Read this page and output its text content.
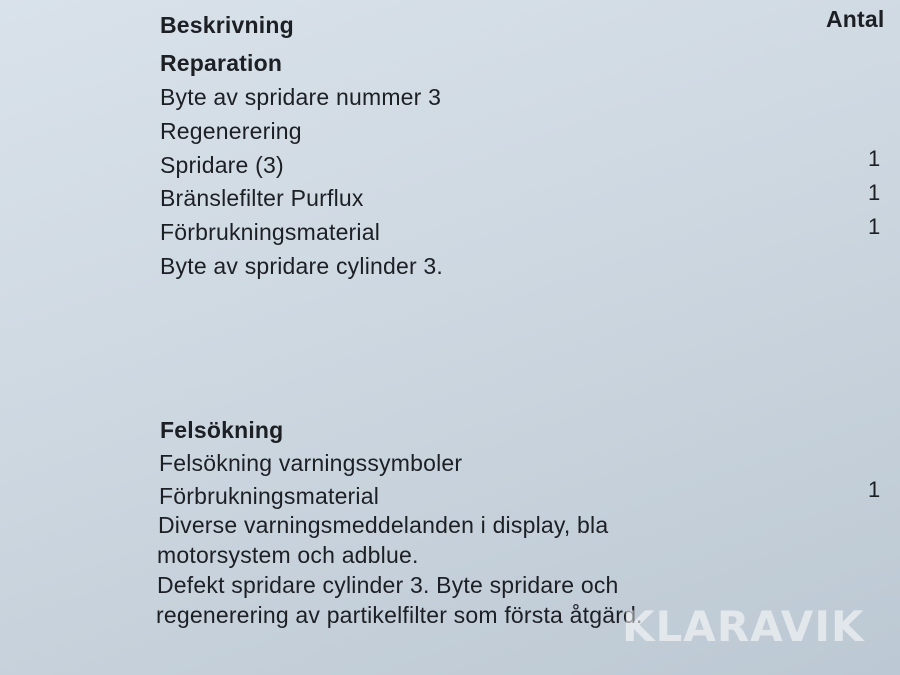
Beskrivning	Antal
Reparation
Byte av spridare nummer 3
Regenerering
Spridare (3)	1
Bränslefilter Purflux	1
Förbrukningsmaterial	1
Byte av spridare cylinder 3.
Felsökning
Felsökning varningssymboler
Förbrukningsmaterial	1
Diverse varningsmeddelanden i display, bla
motorsystem och adblue.
Defekt spridare cylinder 3. Byte spridare och
regenerering av partikelfilter som första åtgärd.
KLARAVIK
